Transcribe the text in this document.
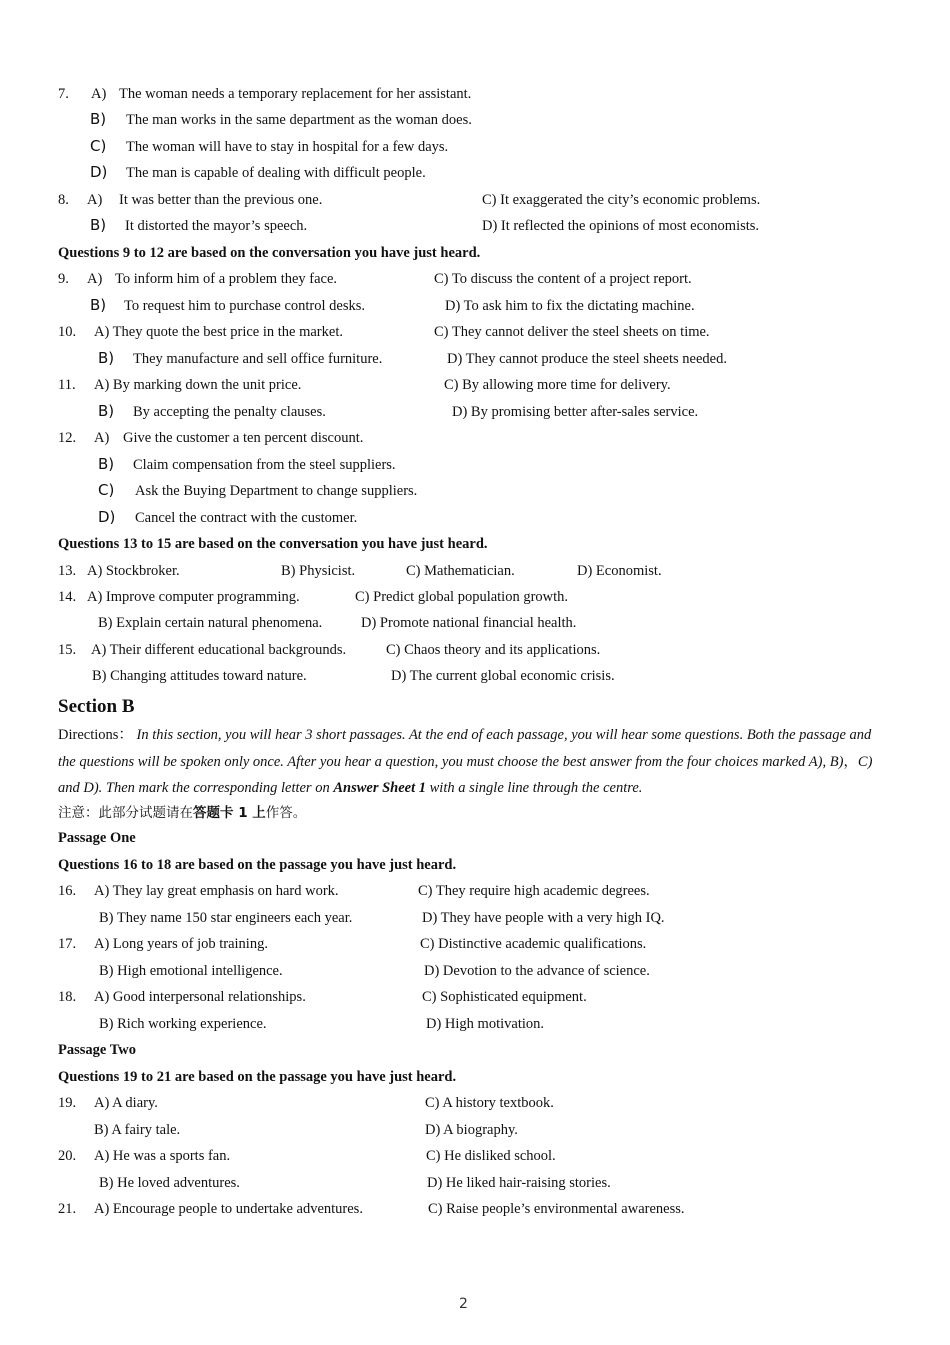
7. A) The woman needs a temporary replacement for her assistant.
B) The man works in the same department as the woman does.
C) The woman will have to stay in hospital for a few days.
D) The man is capable of dealing with difficult people.
8. A) It was better than the previous one.	C) It exaggerated the city’s economic problems.
B) It distorted the mayor’s speech.	D) It reflected the opinions of most economists.
Questions 9 to 12 are based on the conversation you have just heard.
9. A) To inform him of a problem they face.	C) To discuss the content of a project report.
B) To request him to purchase control desks.	D) To ask him to fix the dictating machine.
10. A) They quote the best price in the market.	C) They cannot deliver the steel sheets on time.
B) They manufacture and sell office furniture.	D) They cannot produce the steel sheets needed.
11. A) By marking down the unit price.	C) By allowing more time for delivery.
B) By accepting the penalty clauses.	D) By promising better after-sales service.
12. A) Give the customer a ten percent discount.
B) Claim compensation from the steel suppliers.
C) Ask the Buying Department to change suppliers.
D) Cancel the contract with the customer.
Questions 13 to 15 are based on the conversation you have just heard.
13. A) Stockbroker.	B) Physicist.	C) Mathematician.	D) Economist.
14. A) Improve computer programming.	C) Predict global population growth.
B) Explain certain natural phenomena.	D) Promote national financial health.
15. A) Their different educational backgrounds.	C) Chaos theory and its applications.
B) Changing attitudes toward nature.	D) The current global economic crisis.
Section B
Directions： In this section, you will hear 3 short passages. At the end of each passage, you will hear some questions. Both the passage and the questions will be spoken only once. After you hear a question, you must choose the best answer from the four choices marked A), B)，C) and D). Then mark the corresponding letter on Answer Sheet 1 with a single line through the centre.
注意：此部分试题请在答题卡 1 上作答。
Passage One
Questions 16 to 18 are based on the passage you have just heard.
16. A) They lay great emphasis on hard work.	C) They require high academic degrees.
B) They name 150 star engineers each year.	D) They have people with a very high IQ.
17. A) Long years of job training.	C) Distinctive academic qualifications.
B) High emotional intelligence.	D) Devotion to the advance of science.
18. A) Good interpersonal relationships.	C) Sophisticated equipment.
B) Rich working experience.	D) High motivation.
Passage Two
Questions 19 to 21 are based on the passage you have just heard.
19. A) A diary.	C) A history textbook.
B) A fairy tale.	D) A biography.
20. A) He was a sports fan.	C) He disliked school.
B) He loved adventures.	D) He liked hair-raising stories.
21. A) Encourage people to undertake adventures.	C) Raise people’s environmental awareness.
2
